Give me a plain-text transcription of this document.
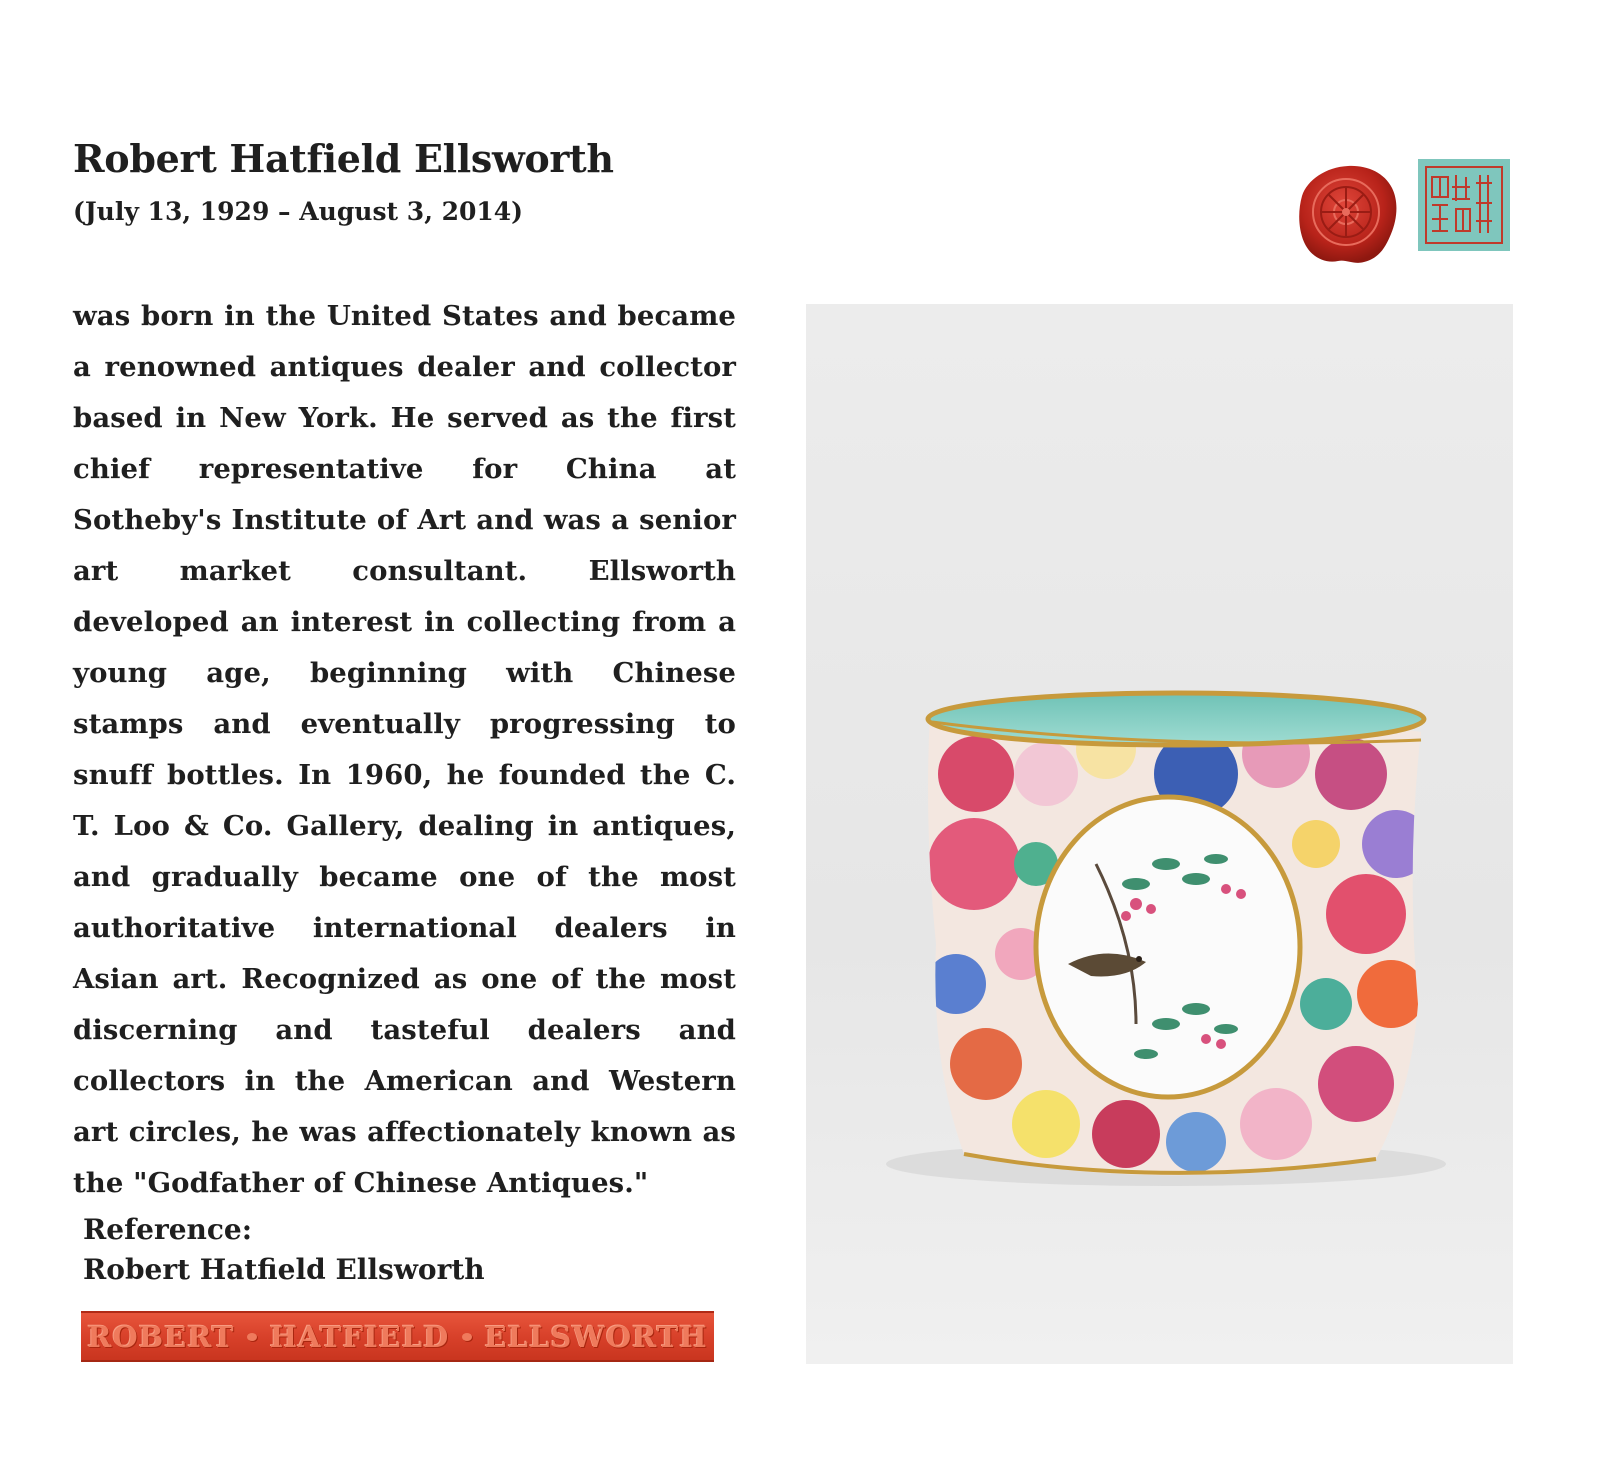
Robert Hatfield Ellsworth
(July 13, 1929 – August 3, 2014)

was born in the United States and became a renowned antiques dealer and collector based in New York. He served as the first chief representative for China at Sotheby's Institute of Art and was a senior art market consultant. Ellsworth developed an interest in collecting from a young age, beginning with Chinese stamps and eventually progressing to snuff bottles. In 1960, he founded the C. T. Loo & Co. Gallery, dealing in antiques, and gradually became one of the most authoritative international dealers in Asian art. Recognized as one of the most discerning and tasteful dealers and collectors in the American and Western art circles, he was affectionately known as the "Godfather of Chinese Antiques."

Reference:
Robert Hatfield Ellsworth
ROBERT HATFIELD ELLSWORTH
